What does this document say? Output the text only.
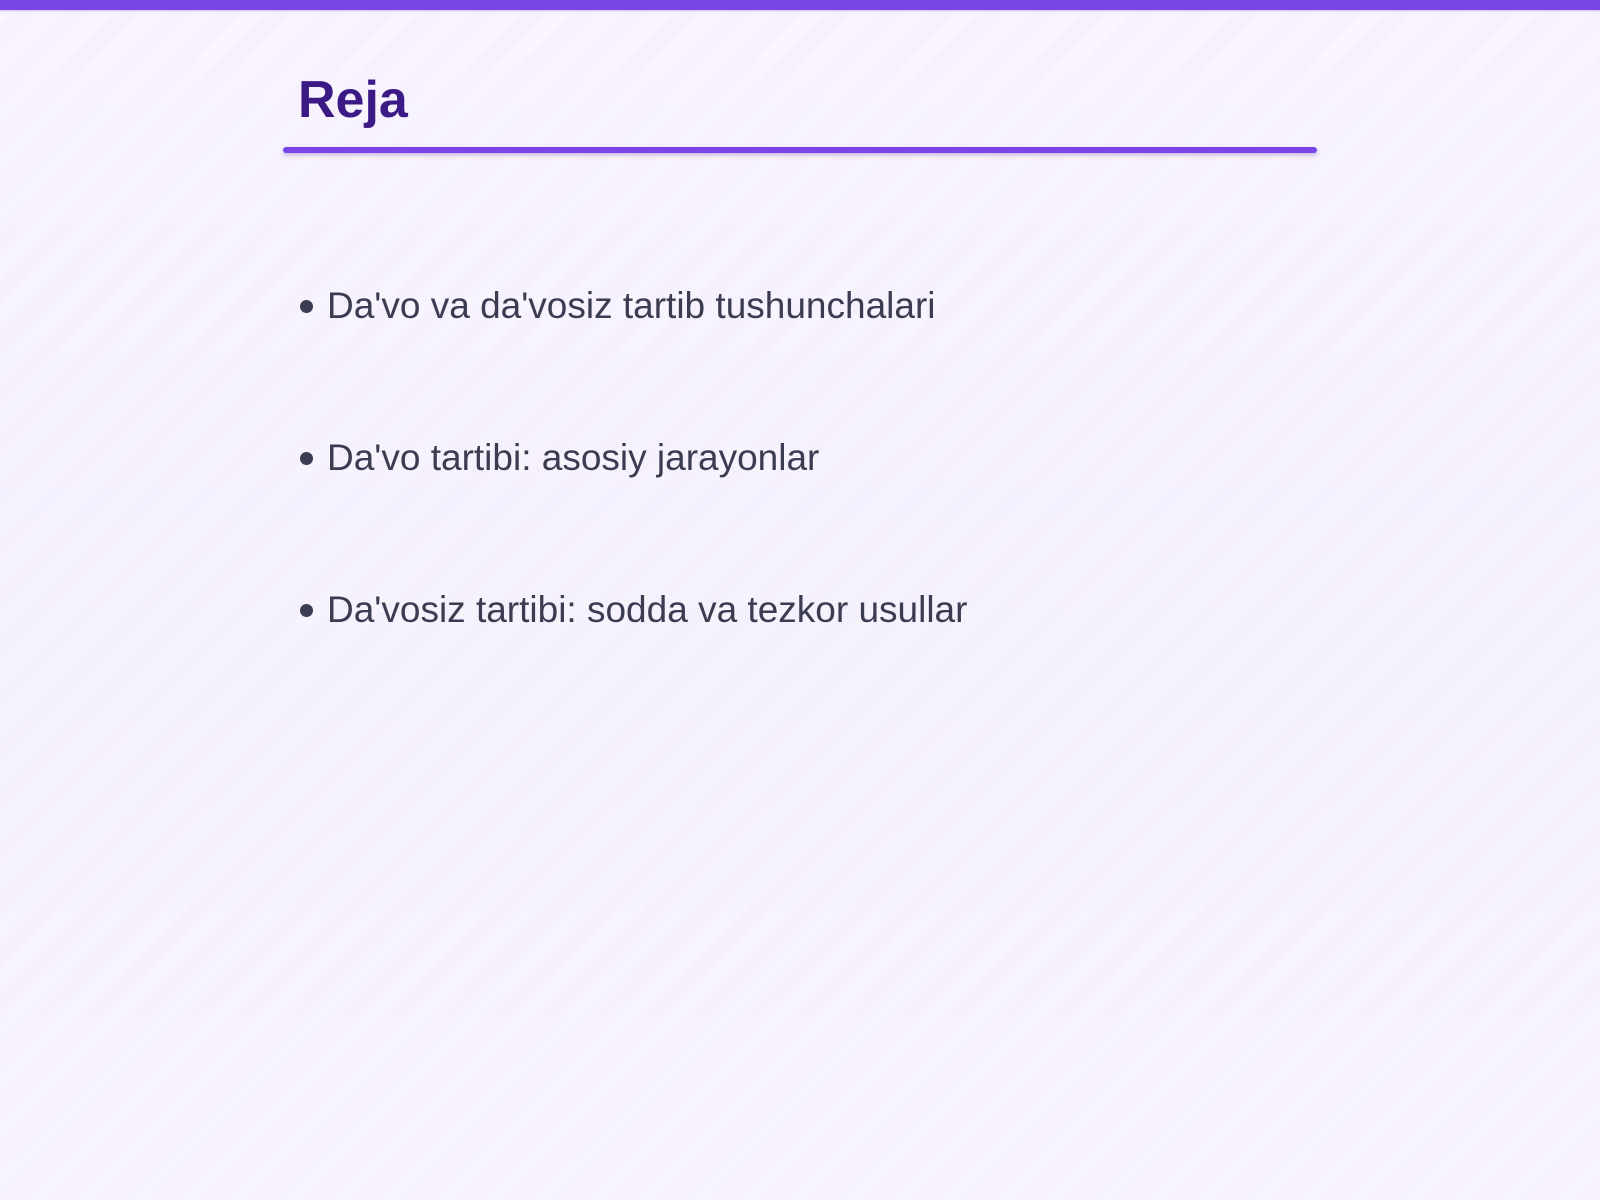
Reja
Da'vo va da'vosiz tartib tushunchalari
Da'vo tartibi: asosiy jarayonlar
Da'vosiz tartibi: sodda va tezkor usullar
